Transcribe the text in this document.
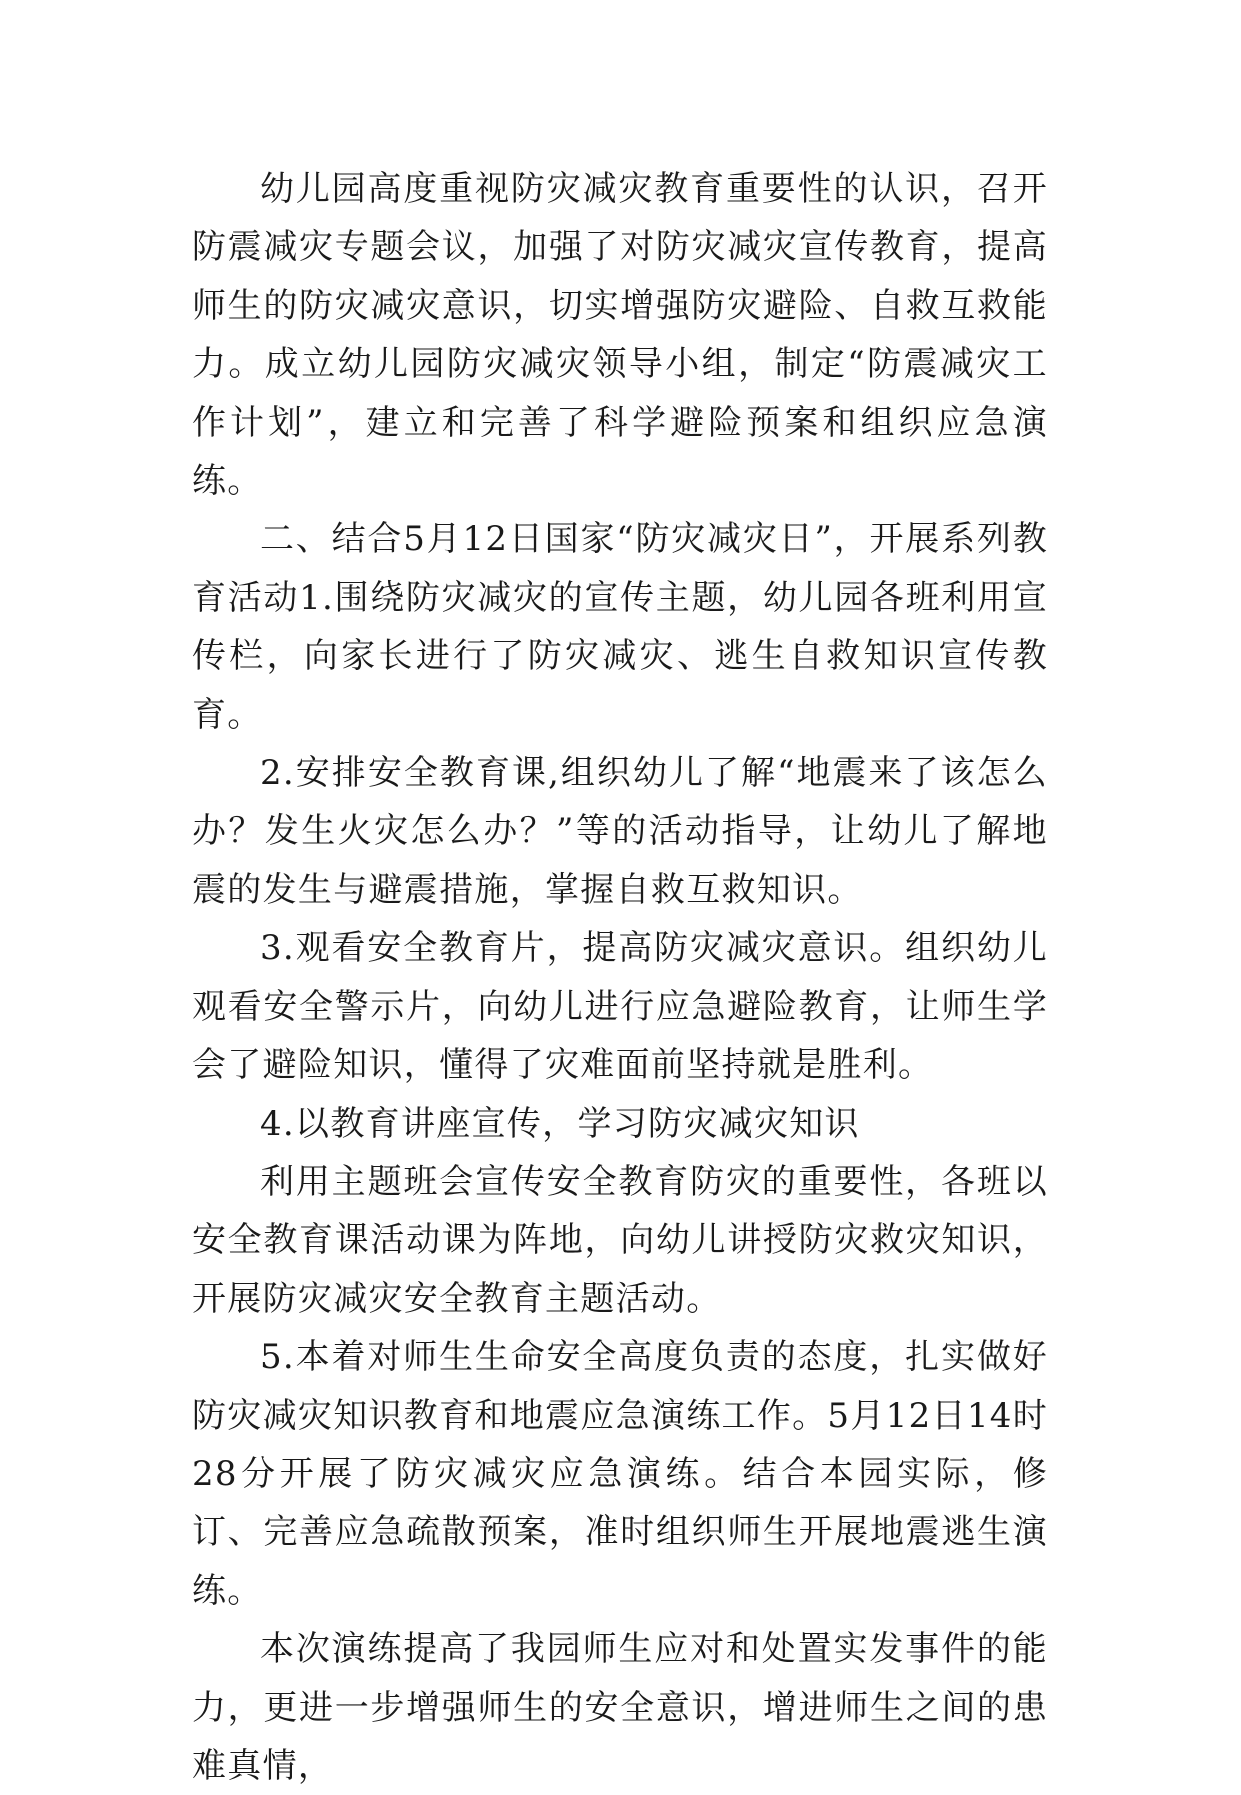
幼儿园高度重视防灾减灾教育重要性的认识，召开防震减灾专题会议，加强了对防灾减灾宣传教育，提高师生的防灾减灾意识，切实增强防灾避险、自救互救能力。成立幼儿园防灾减灾领导小组，制定“防震减灾工作计划”，建立和完善了科学避险预案和组织应急演练。

二、结合5月12日国家“防灾减灾日”，开展系列教育活动1.围绕防灾减灾的宣传主题，幼儿园各班利用宣传栏，向家长进行了防灾减灾、逃生自救知识宣传教育。

2.安排安全教育课,组织幼儿了解“地震来了该怎么办？发生火灾怎么办？”等的活动指导，让幼儿了解地震的发生与避震措施，掌握自救互救知识。

3.观看安全教育片，提高防灾减灾意识。组织幼儿观看安全警示片，向幼儿进行应急避险教育，让师生学会了避险知识，懂得了灾难面前坚持就是胜利。

4.以教育讲座宣传，学习防灾减灾知识

利用主题班会宣传安全教育防灾的重要性，各班以安全教育课活动课为阵地，向幼儿讲授防灾救灾知识，开展防灾减灾安全教育主题活动。

5.本着对师生生命安全高度负责的态度，扎实做好防灾减灾知识教育和地震应急演练工作。5月12日14时28分开展了防灾减灾应急演练。结合本园实际，修订、完善应急疏散预案，准时组织师生开展地震逃生演练。

本次演练提高了我园师生应对和处置实发事件的能力，更进一步增强师生的安全意识，增进师生之间的患难真情，
